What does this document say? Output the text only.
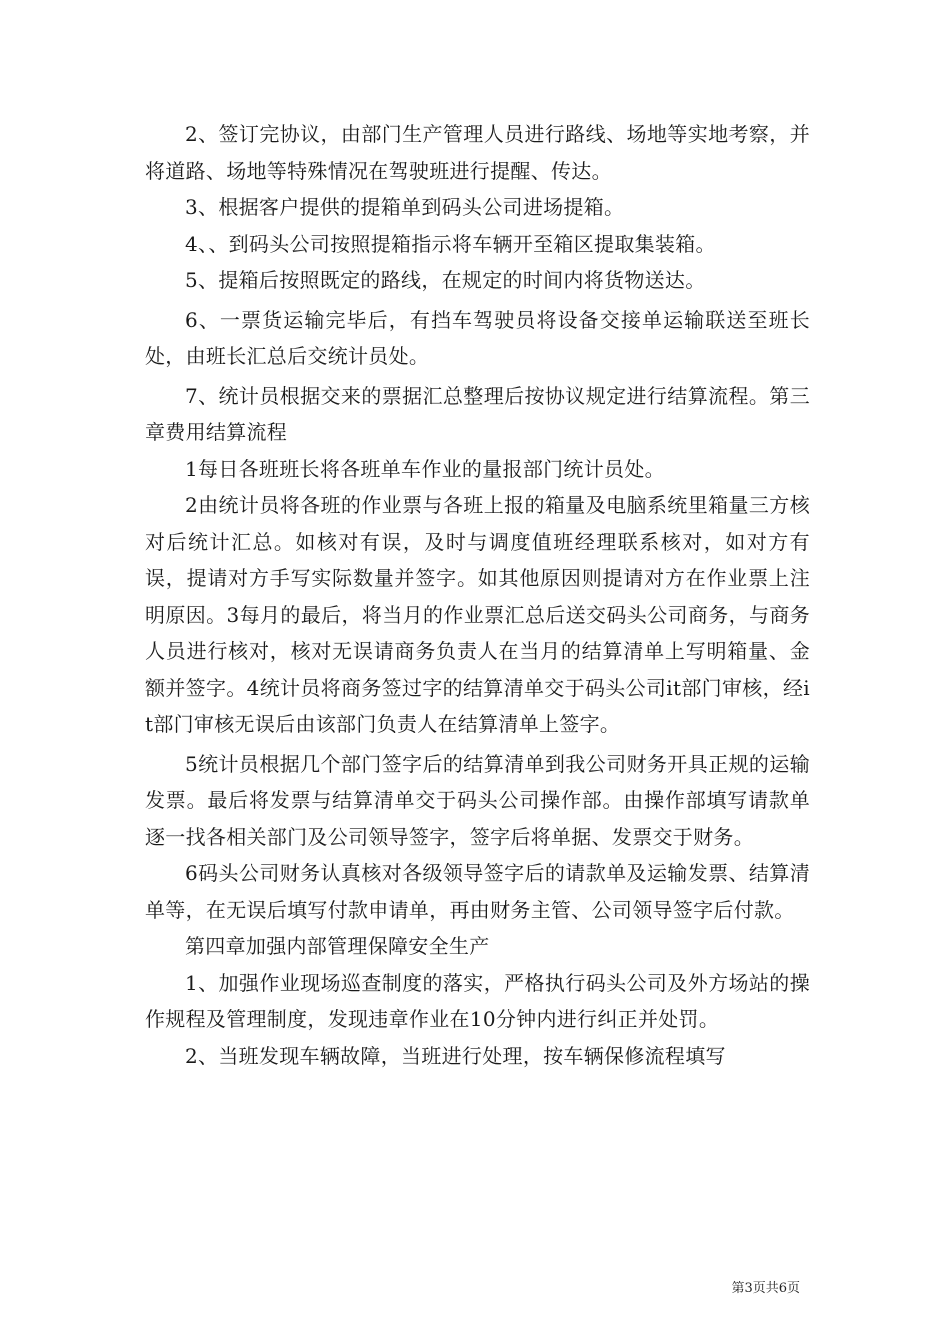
2、签订完协议，由部门生产管理人员进行路线、场地等实地考察，并将道路、场地等特殊情况在驾驶班进行提醒、传达。

3、根据客户提供的提箱单到码头公司进场提箱。

4、、到码头公司按照提箱指示将车辆开至箱区提取集装箱。

5、提箱后按照既定的路线，在规定的时间内将货物送达。

6、一票货运输完毕后，有挡车驾驶员将设备交接单运输联送至班长处，由班长汇总后交统计员处。

7、统计员根据交来的票据汇总整理后按协议规定进行结算流程。第三章费用结算流程

1每日各班班长将各班单车作业的量报部门统计员处。

2由统计员将各班的作业票与各班上报的箱量及电脑系统里箱量三方核对后统计汇总。如核对有误，及时与调度值班经理联系核对，如对方有误，提请对方手写实际数量并签字。如其他原因则提请对方在作业票上注明原因。3每月的最后，将当月的作业票汇总后送交码头公司商务，与商务人员进行核对，核对无误请商务负责人在当月的结算清单上写明箱量、金额并签字。4统计员将商务签过字的结算清单交于码头公司it部门审核，经it部门审核无误后由该部门负责人在结算清单上签字。

5统计员根据几个部门签字后的结算清单到我公司财务开具正规的运输发票。最后将发票与结算清单交于码头公司操作部。由操作部填写请款单逐一找各相关部门及公司领导签字，签字后将单据、发票交于财务。

6码头公司财务认真核对各级领导签字后的请款单及运输发票、结算清单等，在无误后填写付款申请单，再由财务主管、公司领导签字后付款。

第四章加强内部管理保障安全生产

1、加强作业现场巡查制度的落实，严格执行码头公司及外方场站的操作规程及管理制度，发现违章作业在10分钟内进行纠正并处罚。

2、当班发现车辆故障，当班进行处理，按车辆保修流程填写

第3页共6页
